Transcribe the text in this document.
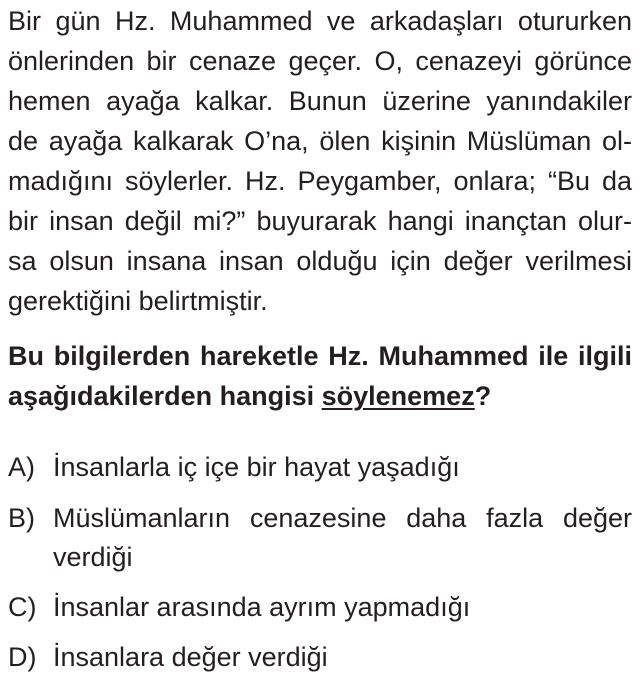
Bir gün Hz. Muhammed ve arkadaşları otururken
önlerinden bir cenaze geçer. O, cenazeyi görünce
hemen ayağa kalkar. Bunun üzerine yanındakiler
de ayağa kalkarak O’na, ölen kişinin Müslüman ol-
madığını söylerler. Hz. Peygamber, onlara; “Bu da
bir insan değil mi?” buyurarak hangi inançtan olur-
sa olsun insana insan olduğu için değer verilmesi
gerektiğini belirtmiştir.
Bu bilgilerden hareketle Hz. Muhammed ile ilgili
aşağıdakilerden hangisi söylenemez?
A) İnsanlarla iç içe bir hayat yaşadığı
B) Müslümanların cenazesine daha fazla değer
verdiği
C) İnsanlar arasında ayrım yapmadığı
D) İnsanlara değer verdiği
